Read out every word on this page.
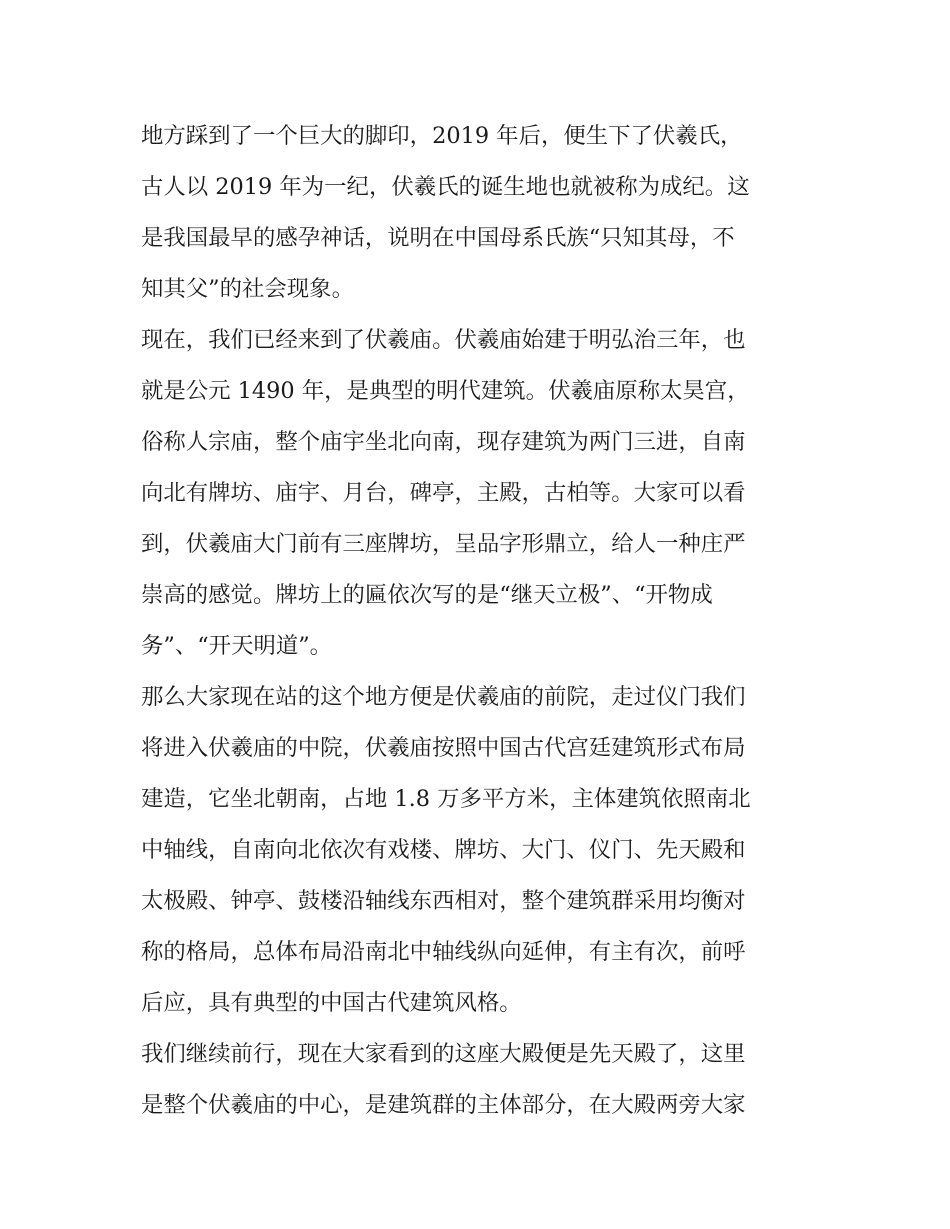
地方踩到了一个巨大的脚印，2019 年后，便生下了伏羲氏，
古人以 2019 年为一纪，伏羲氏的诞生地也就被称为成纪。这
是我国最早的感孕神话，说明在中国母系氏族“只知其母，不
知其父”的社会现象。
现在，我们已经来到了伏羲庙。伏羲庙始建于明弘治三年，也
就是公元 1490 年，是典型的明代建筑。伏羲庙原称太昊宫，
俗称人宗庙，整个庙宇坐北向南，现存建筑为两门三进，自南
向北有牌坊、庙宇、月台，碑亭，主殿，古柏等。大家可以看
到，伏羲庙大门前有三座牌坊，呈品字形鼎立，给人一种庄严
崇高的感觉。牌坊上的匾依次写的是“继天立极”、“开物成
务”、“开天明道”。
那么大家现在站的这个地方便是伏羲庙的前院，走过仪门我们
将进入伏羲庙的中院，伏羲庙按照中国古代宫廷建筑形式布局
建造，它坐北朝南，占地 1.8 万多平方米，主体建筑依照南北
中轴线，自南向北依次有戏楼、牌坊、大门、仪门、先天殿和
太极殿、钟亭、鼓楼沿轴线东西相对，整个建筑群采用均衡对
称的格局，总体布局沿南北中轴线纵向延伸，有主有次，前呼
后应，具有典型的中国古代建筑风格。
我们继续前行，现在大家看到的这座大殿便是先天殿了，这里
是整个伏羲庙的中心，是建筑群的主体部分，在大殿两旁大家
